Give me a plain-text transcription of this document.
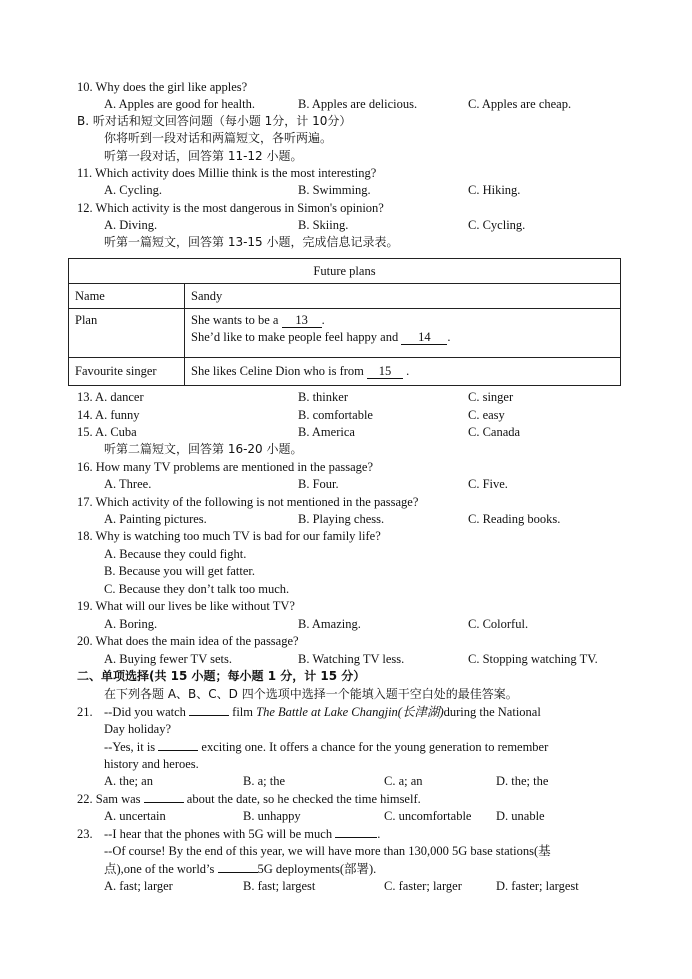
10. Why does the girl like apples?
A. Apples are good for health.	B. Apples are delicious.	C. Apples are cheap.
B. 听对话和短文回答问题（每小题 1分，计 10分）
你将听到一段对话和两篇短文，各听两遍。
听第一段对话，回答第 11-12 小题。
11. Which activity does Millie think is the most interesting?
A. Cycling.	B. Swimming.	C. Hiking.
12. Which activity is the most dangerous in Simon's opinion?
A. Diving.	B. Skiing.	C. Cycling.
听第一篇短文，回答第 13-15 小题，完成信息记录表。
Future plans	
Name	Sandy
Plan	She wants to be a 13 .
She’d like to make people feel happy and 14 .

Favourite singer	She likes Celine Dion who is from 15 .
13. A. dancer	B. thinker	C. singer
14. A. funny	B. comfortable	C. easy
15. A. Cuba	B. America	C. Canada
听第二篇短文，回答第 16-20 小题。
16. How many TV problems are mentioned in the passage?
A. Three.	B. Four.	C. Five.
17. Which activity of the following is not mentioned in the passage?
A. Painting pictures.	B. Playing chess.	C. Reading books.
18. Why is watching too much TV is bad for our family life?
A. Because they could fight.
B. Because you will get fatter.
C. Because they don’t talk too much.
19. What will our lives be like without TV?
A. Boring.	B. Amazing.	C. Colorful.
20. What does the main idea of the passage?
A. Buying fewer TV sets.	B. Watching TV less.	C. Stopping watching TV.
二、单项选择(共 15 小题；每小题 1 分，计 15 分）
在下列各题 A、B、C、D 四个选项中选择一个能填入题干空白处的最佳答案。
21. --Did you watch	film The Battle at Lake Changjin(长津湖)during the National
Day holiday?
--Yes, it is	exciting one. It offers a chance for the young generation to remember
history and heroes.
A. the; an	B. a; the	C. a; an	D. the; the
22. Sam was	about the date, so he checked the time himself.
A. uncertain	B. unhappy	C. uncomfortable D. unable
23. --I hear that the phones with 5G will be much	.
--Of course! By the end of this year, we will have more than 130,000 5G base stations(基
点),one of the world’s	5G deployments(部署).
A. fast; larger	B. fast; largest	C. faster; larger	D. faster; largest
